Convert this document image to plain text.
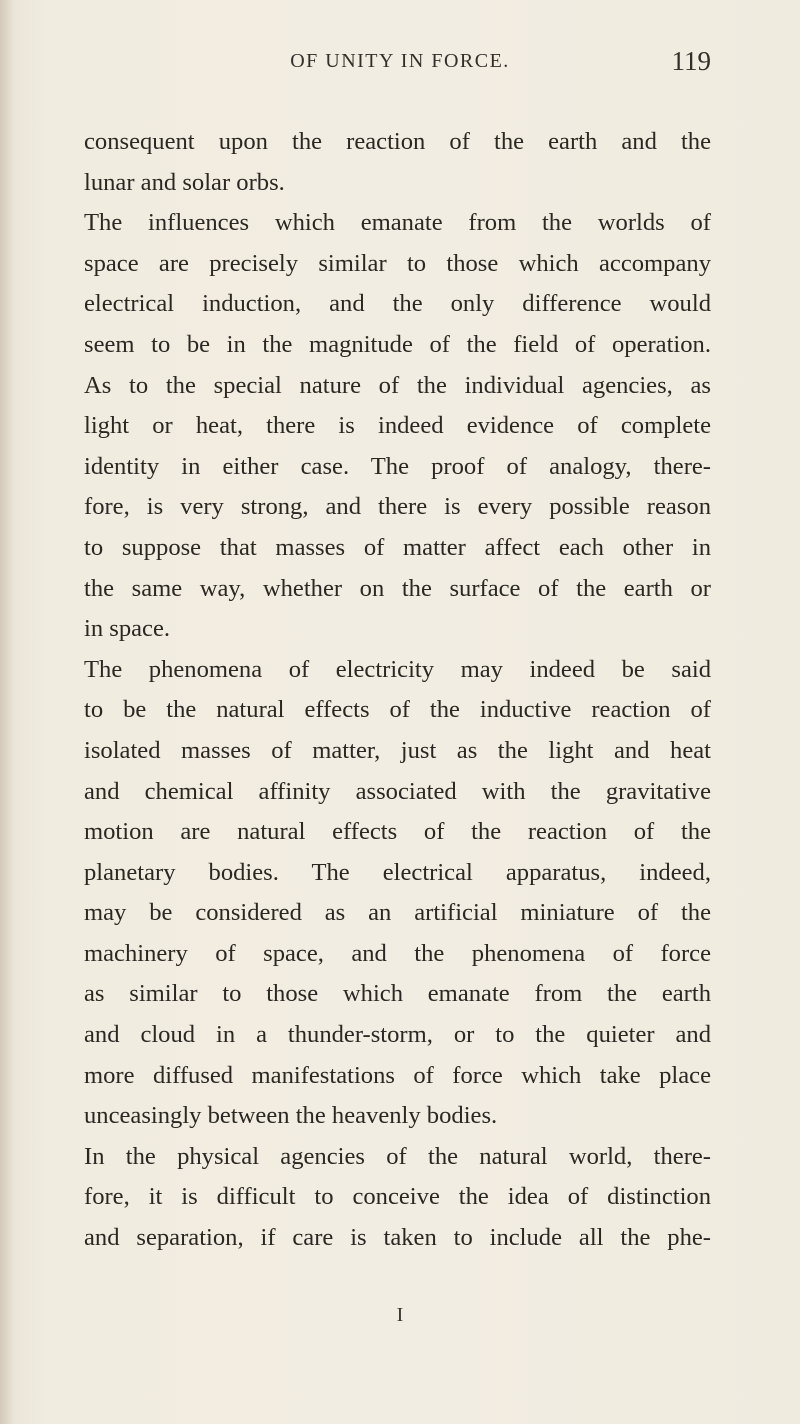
OF UNITY IN FORCE.	119
consequent upon the reaction of the earth and the
lunar and solar orbs.
The influences which emanate from the worlds of
space are precisely similar to those which accompany
electrical induction, and the only difference would
seem to be in the magnitude of the field of operation.
As to the special nature of the individual agencies, as
light or heat, there is indeed evidence of complete
identity in either case. The proof of analogy, there-
fore, is very strong, and there is every possible reason
to suppose that masses of matter affect each other in
the same way, whether on the surface of the earth or
in space.
The phenomena of electricity may indeed be said
to be the natural effects of the inductive reaction of
isolated masses of matter, just as the light and heat
and chemical affinity associated with the gravitative
motion are natural effects of the reaction of the
planetary bodies. The electrical apparatus, indeed,
may be considered as an artificial miniature of the
machinery of space, and the phenomena of force
as similar to those which emanate from the earth
and cloud in a thunder-storm, or to the quieter and
more diffused manifestations of force which take place
unceasingly between the heavenly bodies.
In the physical agencies of the natural world, there-
fore, it is difficult to conceive the idea of distinction
and separation, if care is taken to include all the phe-
I
